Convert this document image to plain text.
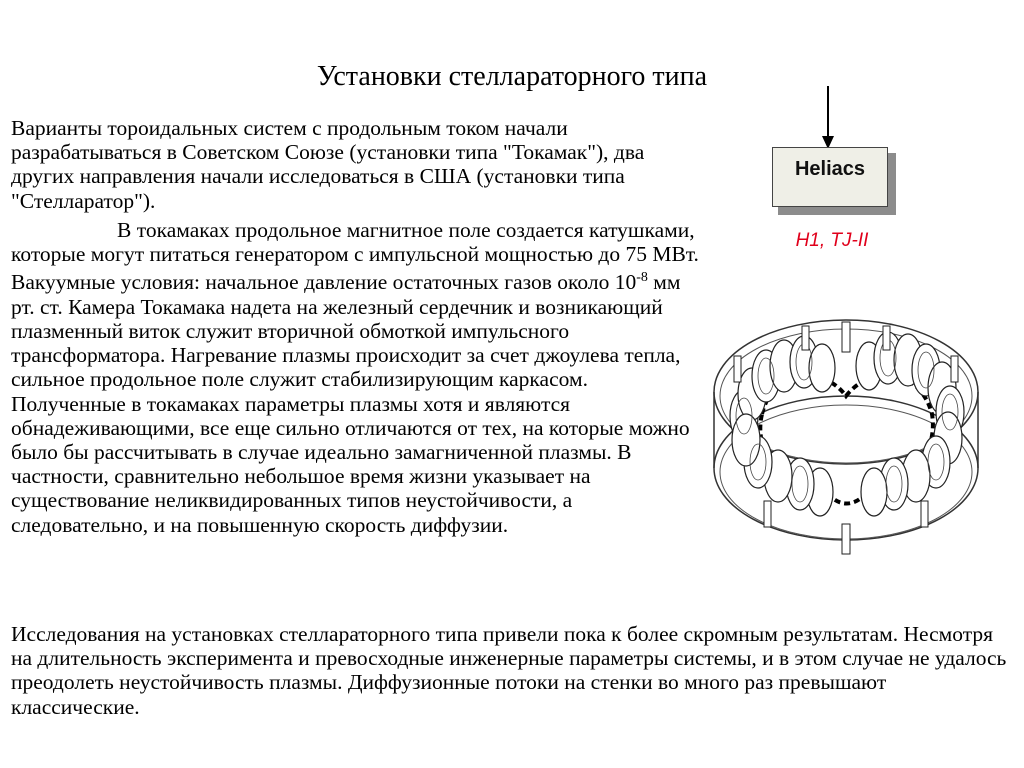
Установки стеллараторного типа

Варианты тороидальных систем с продольным током начали разрабатываться в Советском Союзе (установки типа "Токамак"), два других направления начали исследоваться в США (установки типа "Стелларатор").

В токамаках продольное магнитное поле создается катушками, которые могут питаться генератором с импульсной мощностью до 75 МВт. Вакуумные условия: начальное давление остаточных газов около $10^{-8}$ мм рт. ст. Камера Токамака надета на железный сердечник и возникающий плазменный виток служит вторичной обмоткой импульсного трансформатора. Нагревание плазмы происходит за счет джоулева тепла, сильное продольное поле служит стабилизирующим каркасом. Полученные в токамаках параметры плазмы хотя и являются обнадеживающими, все еще сильно отличаются от тех, на которые можно было бы рассчитывать в случае идеально замагниченной плазмы. В частности, сравнительно небольшое время жизни указывает на существование неликвидированных типов неустойчивости, а следовательно, и на повышенную скорость диффузии.

Исследования на установках стеллараторного типа привели пока к более скромным результатам. Несмотря на длительность эксперимента и превосходные инженерные параметры системы, и в этом случае не удалось преодолеть неустойчивость плазмы. Диффузионные потоки на стенки во много раз превышают классические.

Heliacs
H1, TJ-II
